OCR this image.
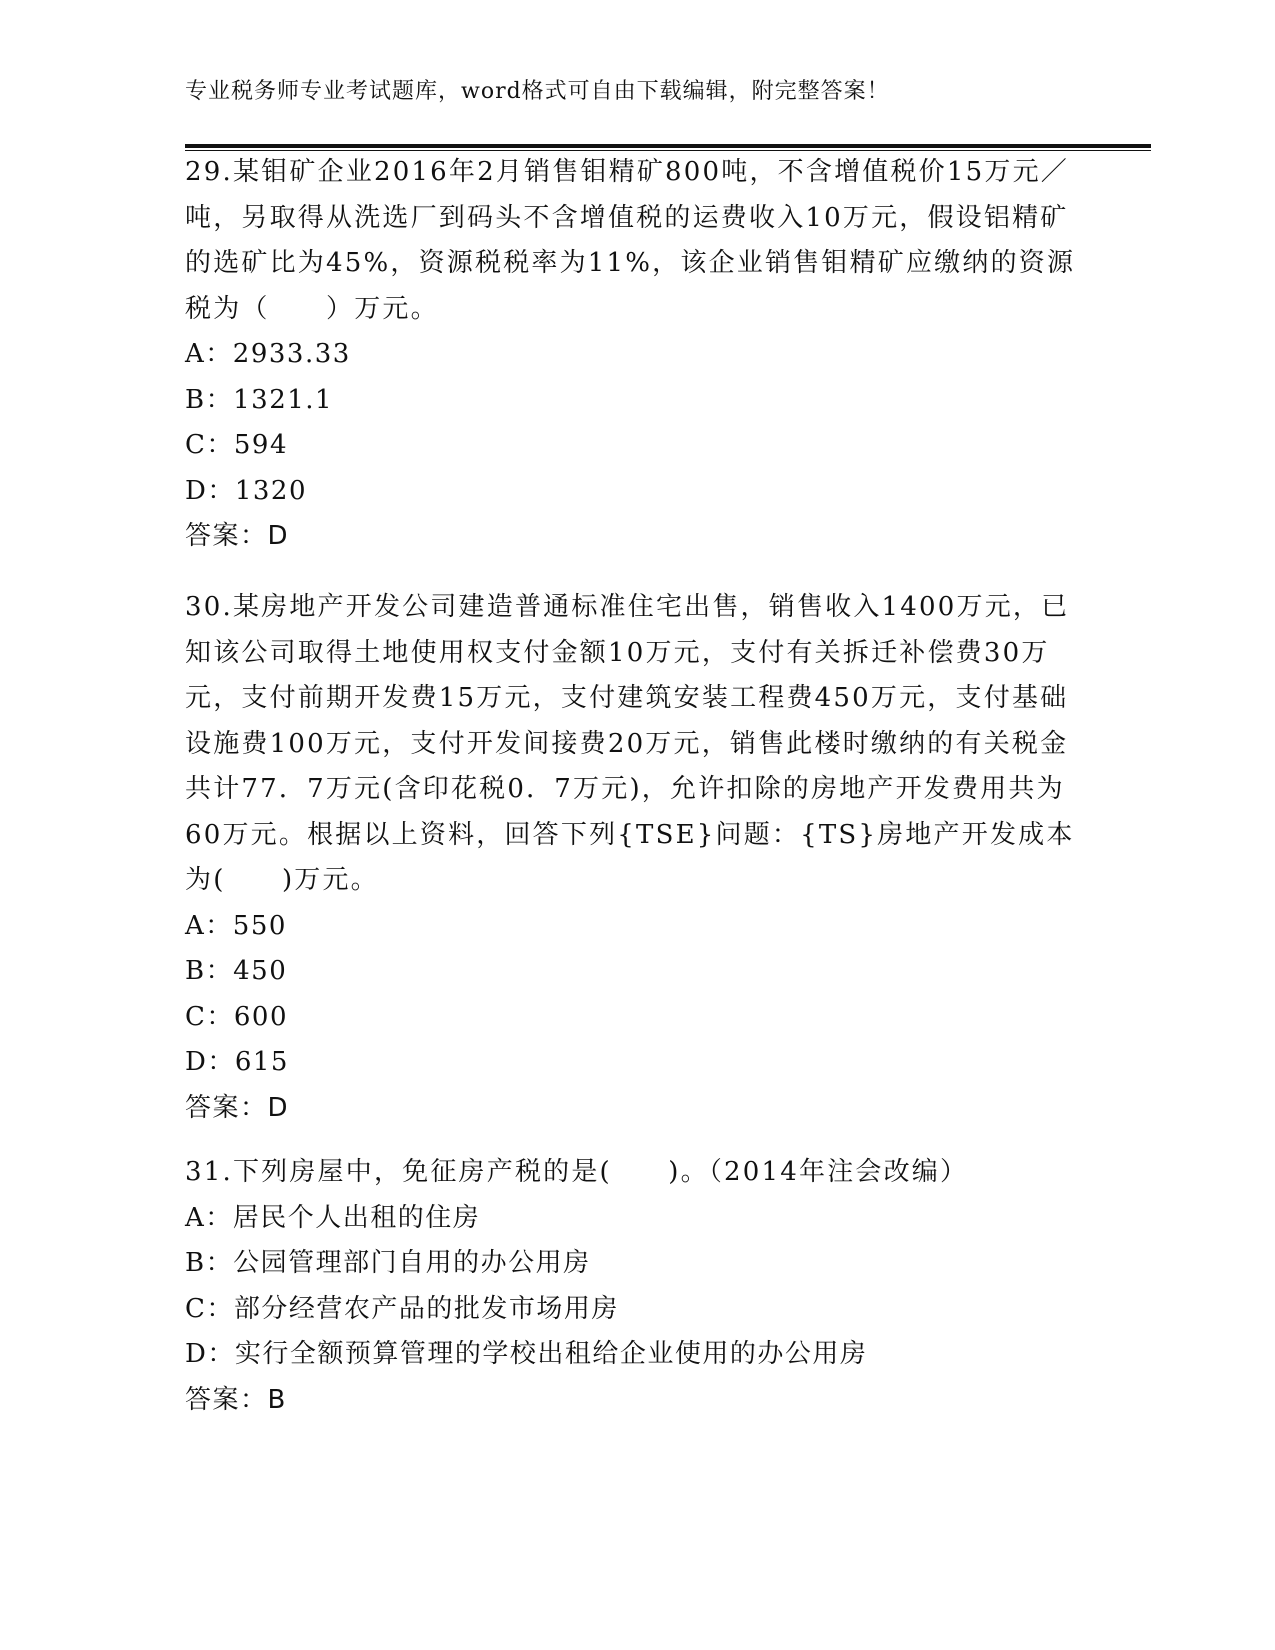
专业税务师专业考试题库，word格式可自由下载编辑，附完整答案！

29.某钼矿企业2016年2月销售钼精矿800吨，不含增值税价15万元／吨，另取得从洗选厂到码头不含增值税的运费收入10万元，假设铝精矿的选矿比为45%，资源税税率为11%，该企业销售钼精矿应缴纳的资源税为（　　）万元。

A：2933.33

B：1321.1

C：594

D：1320

答案：D

30.某房地产开发公司建造普通标准住宅出售，销售收入1400万元，已知该公司取得土地使用权支付金额10万元，支付有关拆迁补偿费30万元，支付前期开发费15万元，支付建筑安装工程费450万元，支付基础设施费100万元，支付开发间接费20万元，销售此楼时缴纳的有关税金共计77．7万元(含印花税0．7万元)，允许扣除的房地产开发费用共为60万元。根据以上资料，回答下列{TSE}问题：{TS}房地产开发成本为(　　)万元。

A：550

B：450

C：600

D：615

答案：D

31.下列房屋中，免征房产税的是(　　)。（2014年注会改编）

A：居民个人出租的住房

B：公园管理部门自用的办公用房

C：部分经营农产品的批发市场用房

D：实行全额预算管理的学校出租给企业使用的办公用房

答案：B
